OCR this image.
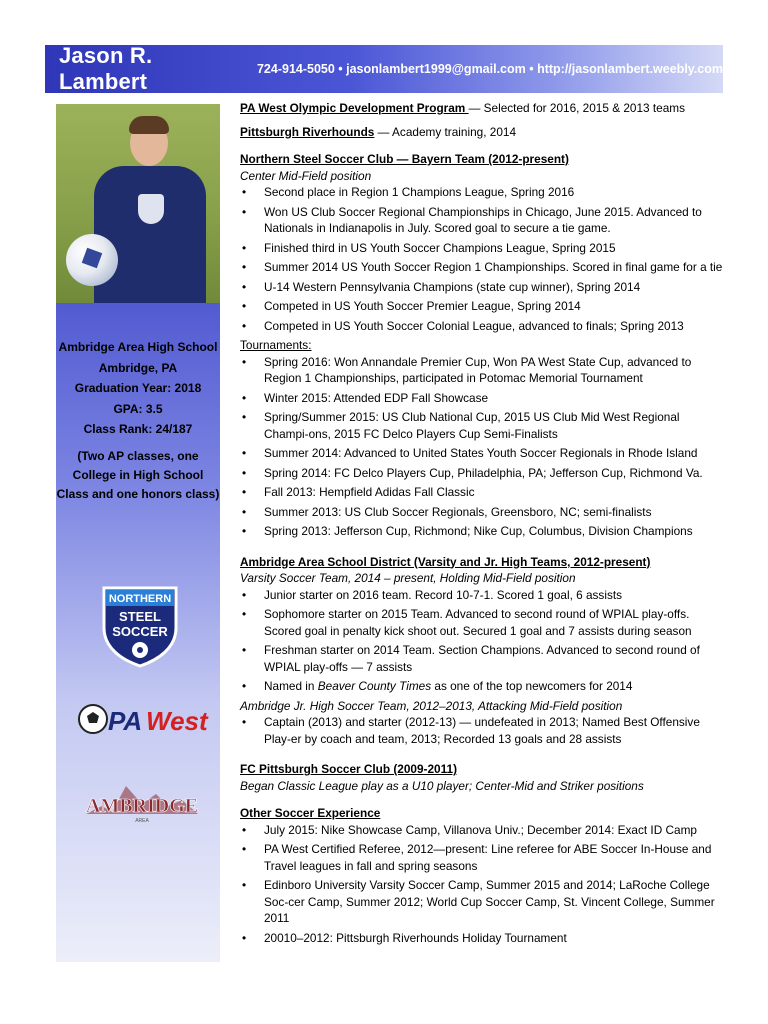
Jason R. Lambert	724-914-5050 • jasonlambert1999@gmail.com • http://jasonlambert.weebly.com
Ambridge Area High School
Ambridge, PA
Graduation Year: 2018
GPA: 3.5
Class Rank: 24/187
(Two AP classes, one College in High School Class and one honors class)
NORTHERN
STEEL
SOCCER
PA West
AMBRIDGE
AREA

PA West Olympic Development Program — Selected for 2016, 2015 & 2013 teams

Pittsburgh Riverhounds — Academy training, 2014

Northern Steel Soccer Club — Bayern Team (2012-present)

Center Mid-Field position

• Second place in Region 1 Champions League, Spring 2016
• Won US Club Soccer Regional Championships in Chicago, June 2015. Advanced to Nationals in Indianapolis in July. Scored goal to secure a tie game.
• Finished third in US Youth Soccer Champions League, Spring 2015
• Summer 2014 US Youth Soccer Region 1 Championships. Scored in final game for a tie
• U-14 Western Pennsylvania Champions (state cup winner), Spring 2014
• Competed in US Youth Soccer Premier League, Spring 2014
• Competed in US Youth Soccer Colonial League, advanced to finals; Spring 2013

Tournaments:

• Spring 2016: Won Annandale Premier Cup, Won PA West State Cup, advanced to Region 1 Championships, participated in Potomac Memorial Tournament
• Winter 2015: Attended EDP Fall Showcase
• Spring/Summer 2015: US Club National Cup, 2015 US Club Mid West Regional Champi-ons, 2015 FC Delco Players Cup Semi-Finalists
• Summer 2014: Advanced to United States Youth Soccer Regionals in Rhode Island
• Spring 2014: FC Delco Players Cup, Philadelphia, PA; Jefferson Cup, Richmond Va.
• Fall 2013: Hempfield Adidas Fall Classic
• Summer 2013: US Club Soccer Regionals, Greensboro, NC; semi-finalists
• Spring 2013: Jefferson Cup, Richmond; Nike Cup, Columbus, Division Champions

Ambridge Area School District (Varsity and Jr. High Teams, 2012-present)

Varsity Soccer Team, 2014 – present, Holding Mid-Field position

• Junior starter on 2016 team. Record 10-7-1. Scored 1 goal, 6 assists
• Sophomore starter on 2015 Team. Advanced to second round of WPIAL play-offs. Scored goal in penalty kick shoot out. Secured 1 goal and 7 assists during season
• Freshman starter on 2014 Team. Section Champions. Advanced to second round of WPIAL play-offs — 7 assists
• Named in Beaver County Times as one of the top newcomers for 2014

Ambridge Jr. High Soccer Team, 2012–2013, Attacking Mid-Field position

• Captain (2013) and starter (2012-13) — undefeated in 2013; Named Best Offensive Play-er by coach and team, 2013; Recorded 13 goals and 28 assists

FC Pittsburgh Soccer Club (2009-2011)

Began Classic League play as a U10 player; Center-Mid and Striker positions

Other Soccer Experience

• July 2015: Nike Showcase Camp, Villanova Univ.; December 2014: Exact ID Camp
• PA West Certified Referee, 2012—present: Line referee for ABE Soccer In-House and Travel leagues in fall and spring seasons
• Edinboro University Varsity Soccer Camp, Summer 2015 and 2014; LaRoche College Soc-cer Camp, Summer 2012; World Cup Soccer Camp, St. Vincent College, Summer 2011
• 20010–2012: Pittsburgh Riverhounds Holiday Tournament
